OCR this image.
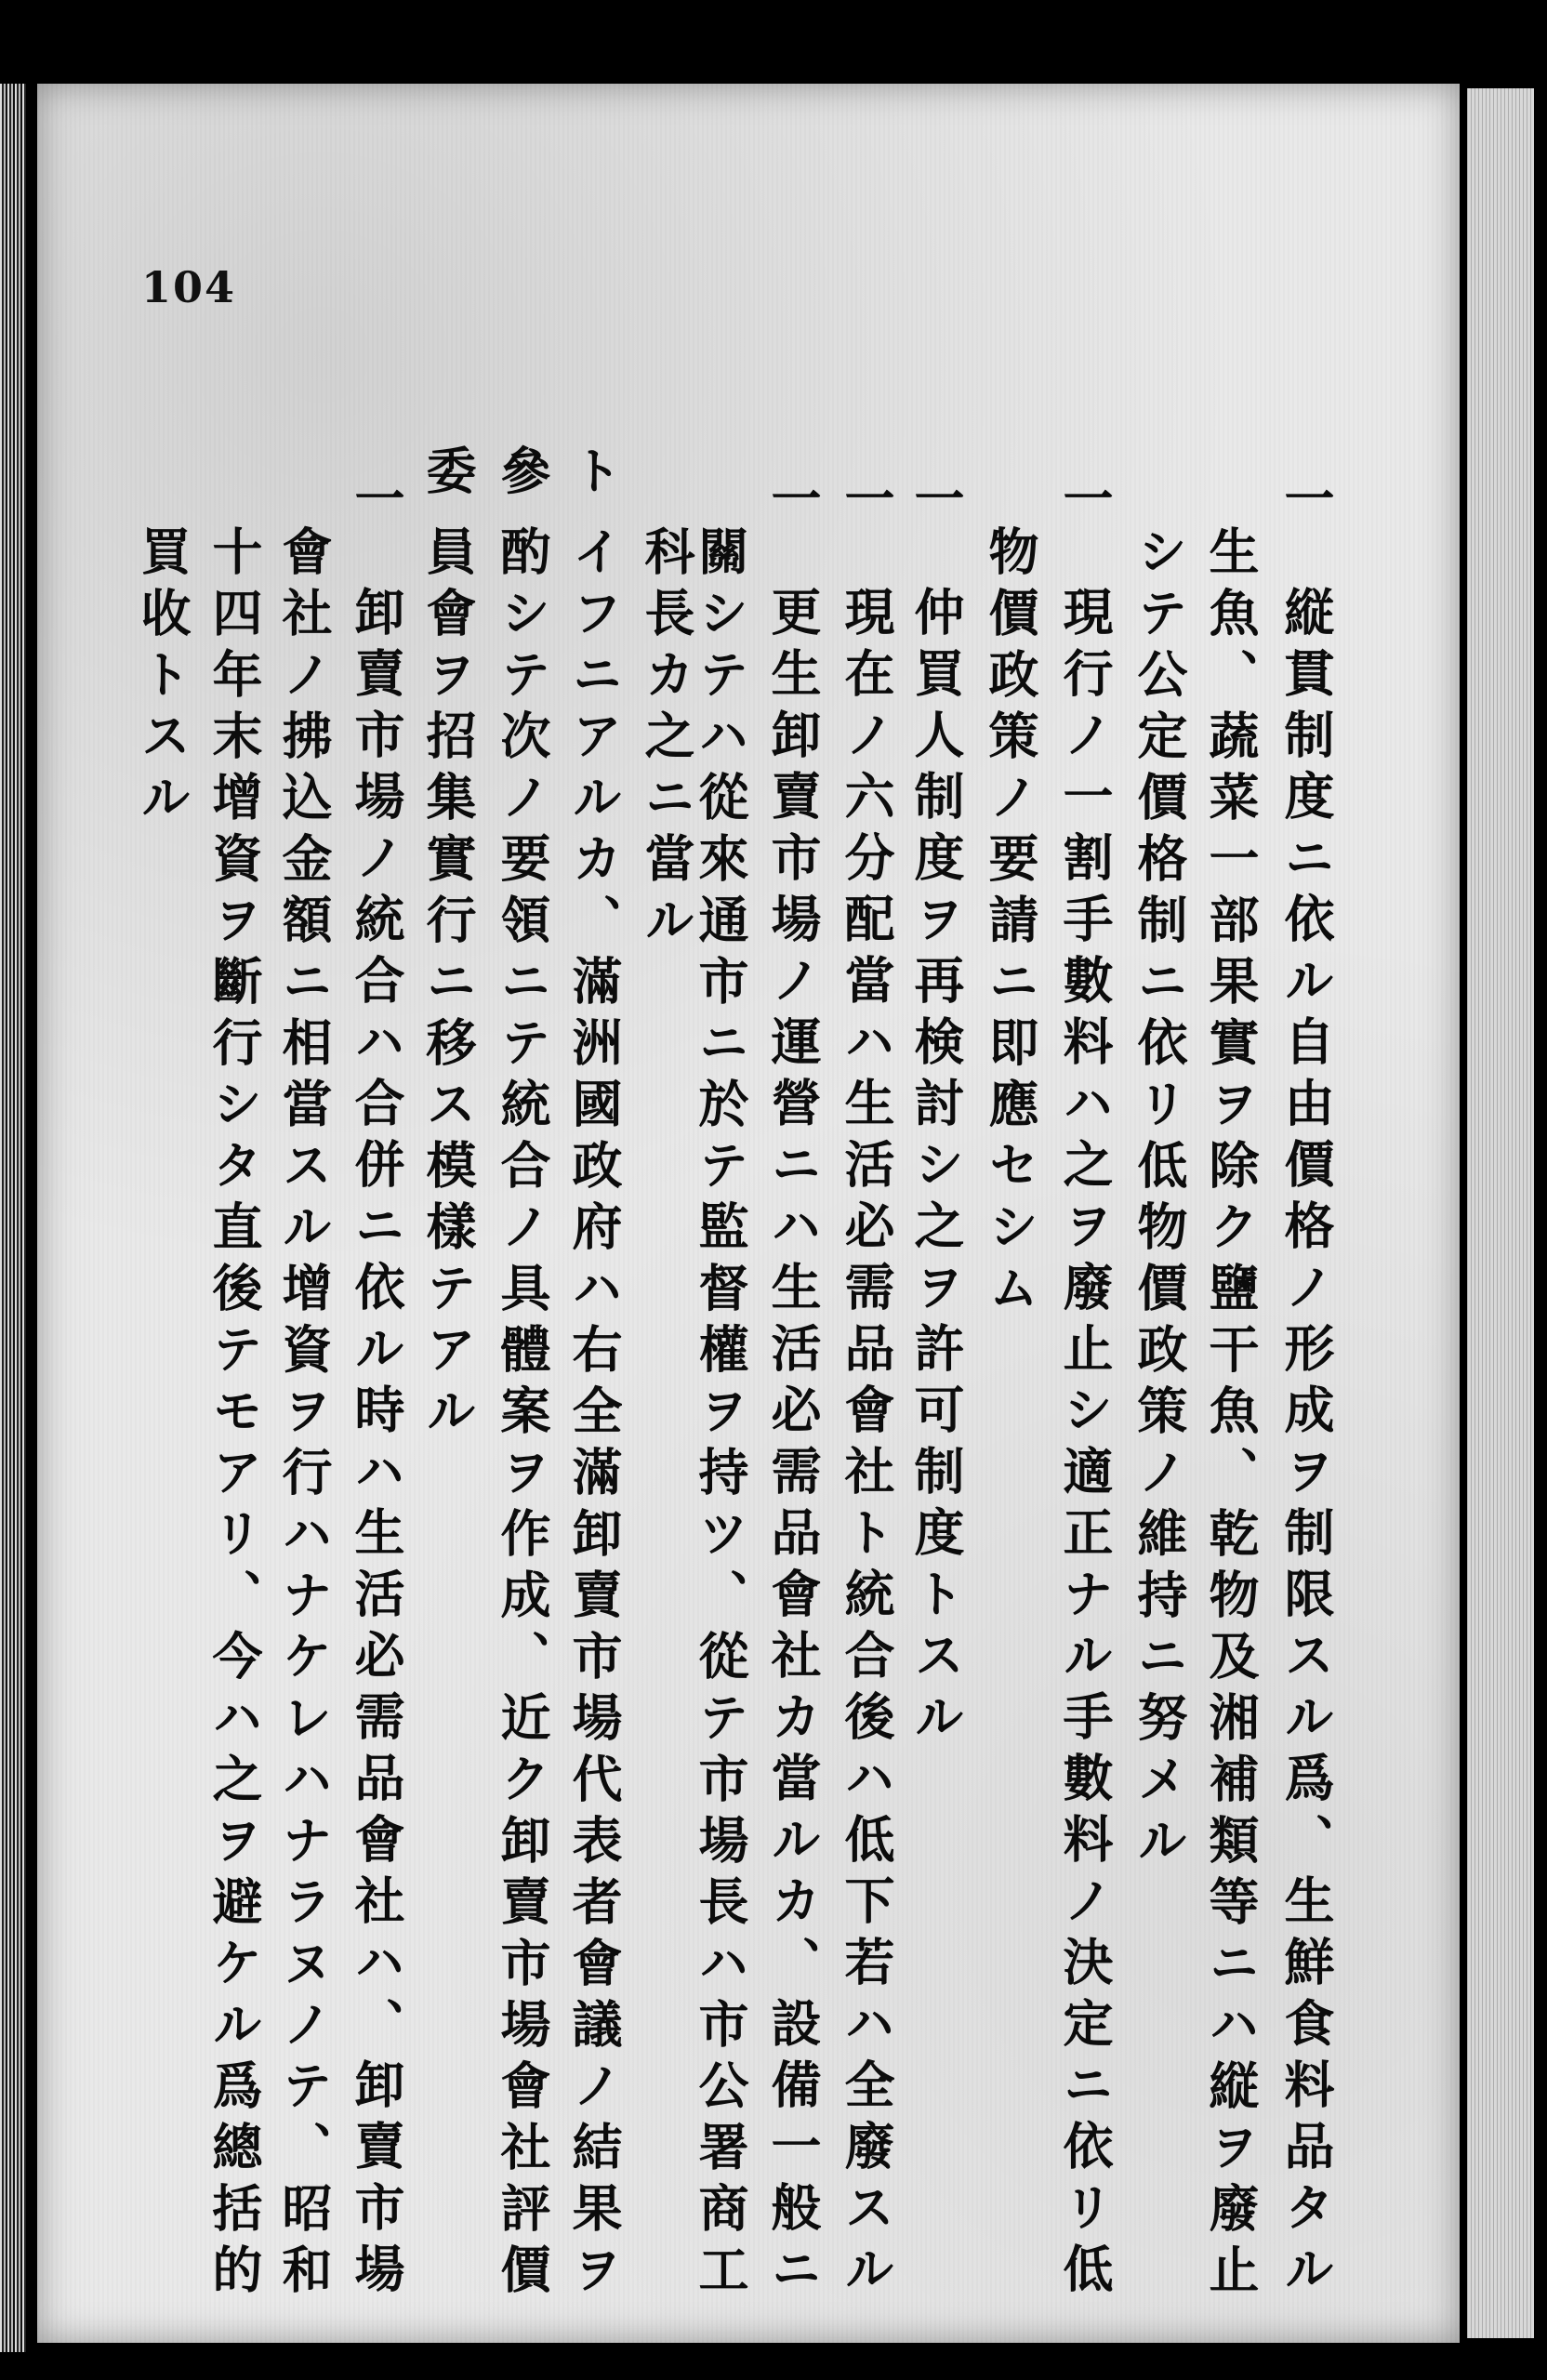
104
一
一
一
一
一
ト
參
委
一
縦貫制度ニ依ル自由價格ノ形成ヲ制限スル爲、生鮮食料品タル
生魚、蔬菜一部果實ヲ除ク鹽干魚、乾物及湘補類等ニハ縦ヲ廢止
シテ公定價格制ニ依リ低物價政策ノ維持ニ努メル
現行ノ一割手數料ハ之ヲ廢止シ適正ナル手數料ノ決定ニ依リ低
物價政策ノ要請ニ即應セシム
仲買人制度ヲ再検討シ之ヲ許可制度トスル
現在ノ六分配當ハ生活必需品會社ト統合後ハ低下若ハ全廢スル
更生卸賣市場ノ運營ニハ生活必需品會社カ當ルカ、設備一般ニ
關シテハ從來通市ニ於テ監督權ヲ持ツ、從テ市場長ハ市公署商工
科長カ之ニ當ル
イフニアルカ、滿洲國政府ハ右全滿卸賣市場代表者會議ノ結果ヲ
酌シテ次ノ要領ニテ統合ノ具體案ヲ作成、近ク卸賣市場會社評價
員會ヲ招集實行ニ移ス模樣テアル
卸賣市場ノ統合ハ合併ニ依ル時ハ生活必需品會社ハ、卸賣市場
會社ノ拂込金額ニ相當スル增資ヲ行ハナケレハナラヌノテ、昭和
十四年末增資ヲ斷行シタ直後テモアリ、今ハ之ヲ避ケル爲總括的
買收トスル
